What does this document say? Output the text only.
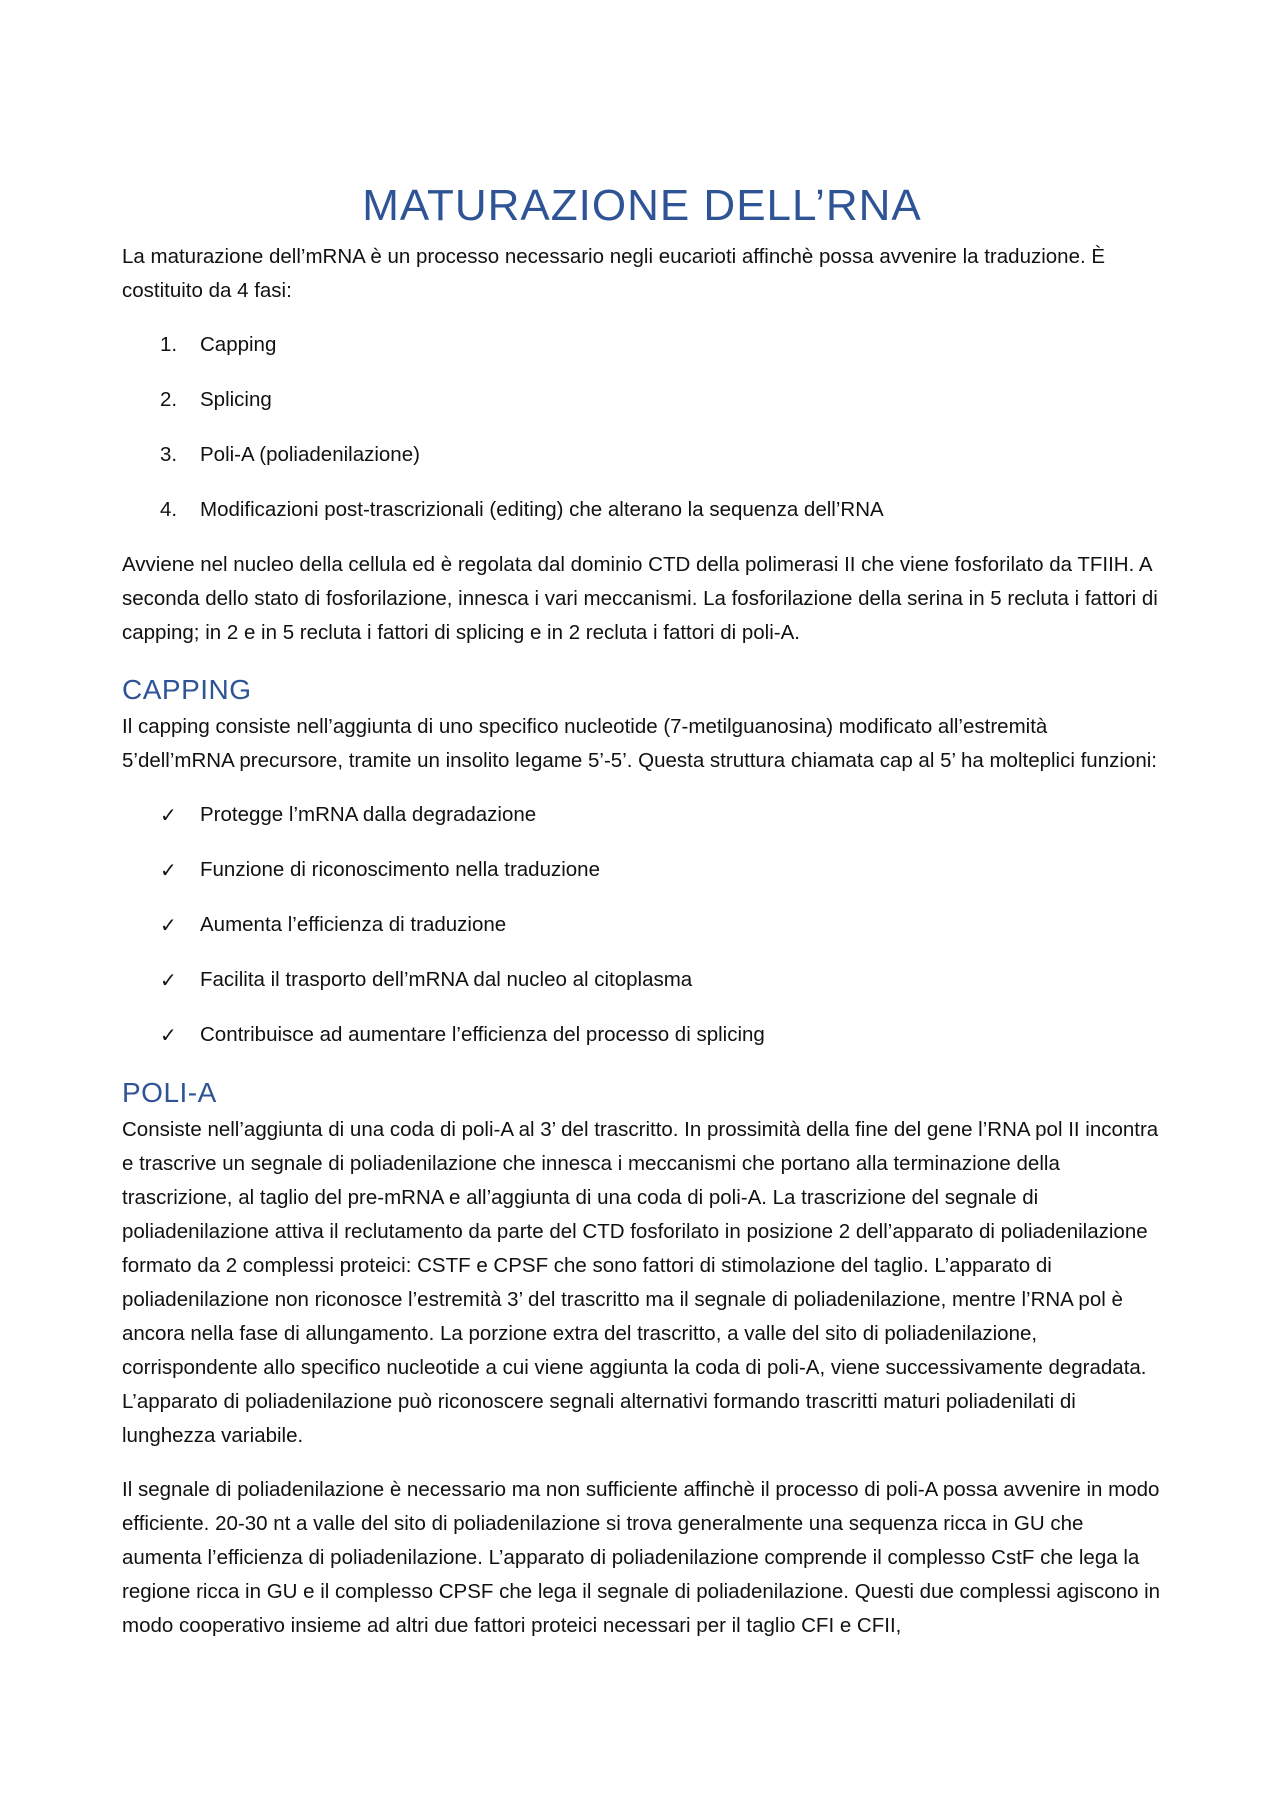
MATURAZIONE DELL’RNA

La maturazione dell’mRNA è un processo necessario negli eucarioti affinchè possa avvenire la traduzione. È costituito da 4 fasi:

1.	Capping
2.	Splicing
3.	Poli-A (poliadenilazione)
4.	Modificazioni post-trascrizionali (editing) che alterano la sequenza dell’RNA

Avviene nel nucleo della cellula ed è regolata dal dominio CTD della polimerasi II che viene fosforilato da TFIIH. A seconda dello stato di fosforilazione, innesca i vari meccanismi. La fosforilazione della serina in 5 recluta i fattori di capping; in 2 e in 5 recluta i fattori di splicing e in 2 recluta i fattori di poli-A.

CAPPING

Il capping consiste nell’aggiunta di uno specifico nucleotide (7-metilguanosina) modificato all’estremità 5’dell’mRNA precursore, tramite un insolito legame 5’-5’. Questa struttura chiamata cap al 5’ ha molteplici funzioni:

✓	Protegge l’mRNA dalla degradazione
✓	Funzione di riconoscimento nella traduzione
✓	Aumenta l’efficienza di traduzione
✓	Facilita il trasporto dell’mRNA dal nucleo al citoplasma
✓	Contribuisce ad aumentare l’efficienza del processo di splicing
POLI-A

Consiste nell’aggiunta di una coda di poli-A al 3’ del trascritto. In prossimità della fine del gene l’RNA pol II incontra e trascrive un segnale di poliadenilazione che innesca i meccanismi che portano alla terminazione della trascrizione, al taglio del pre-mRNA e all’aggiunta di una coda di poli-A. La trascrizione del segnale di poliadenilazione attiva il reclutamento da parte del CTD fosforilato in posizione 2 dell’apparato di poliadenilazione formato da 2 complessi proteici: CSTF e CPSF che sono fattori di stimolazione del taglio. L’apparato di poliadenilazione non riconosce l’estremità 3’ del trascritto ma il segnale di poliadenilazione, mentre l’RNA pol è ancora nella fase di allungamento. La porzione extra del trascritto, a valle del sito di poliadenilazione, corrispondente allo specifico nucleotide a cui viene aggiunta la coda di poli-A, viene successivamente degradata. L’apparato di poliadenilazione può riconoscere segnali alternativi formando trascritti maturi poliadenilati di lunghezza variabile.

Il segnale di poliadenilazione è necessario ma non sufficiente affinchè il processo di poli-A possa avvenire in modo efficiente. 20-30 nt a valle del sito di poliadenilazione si trova generalmente una sequenza ricca in GU che aumenta l’efficienza di poliadenilazione. L’apparato di poliadenilazione comprende il complesso CstF che lega la regione ricca in GU e il complesso CPSF che lega il segnale di poliadenilazione. Questi due complessi agiscono in modo cooperativo insieme ad altri due fattori proteici necessari per il taglio CFI e CFII,
